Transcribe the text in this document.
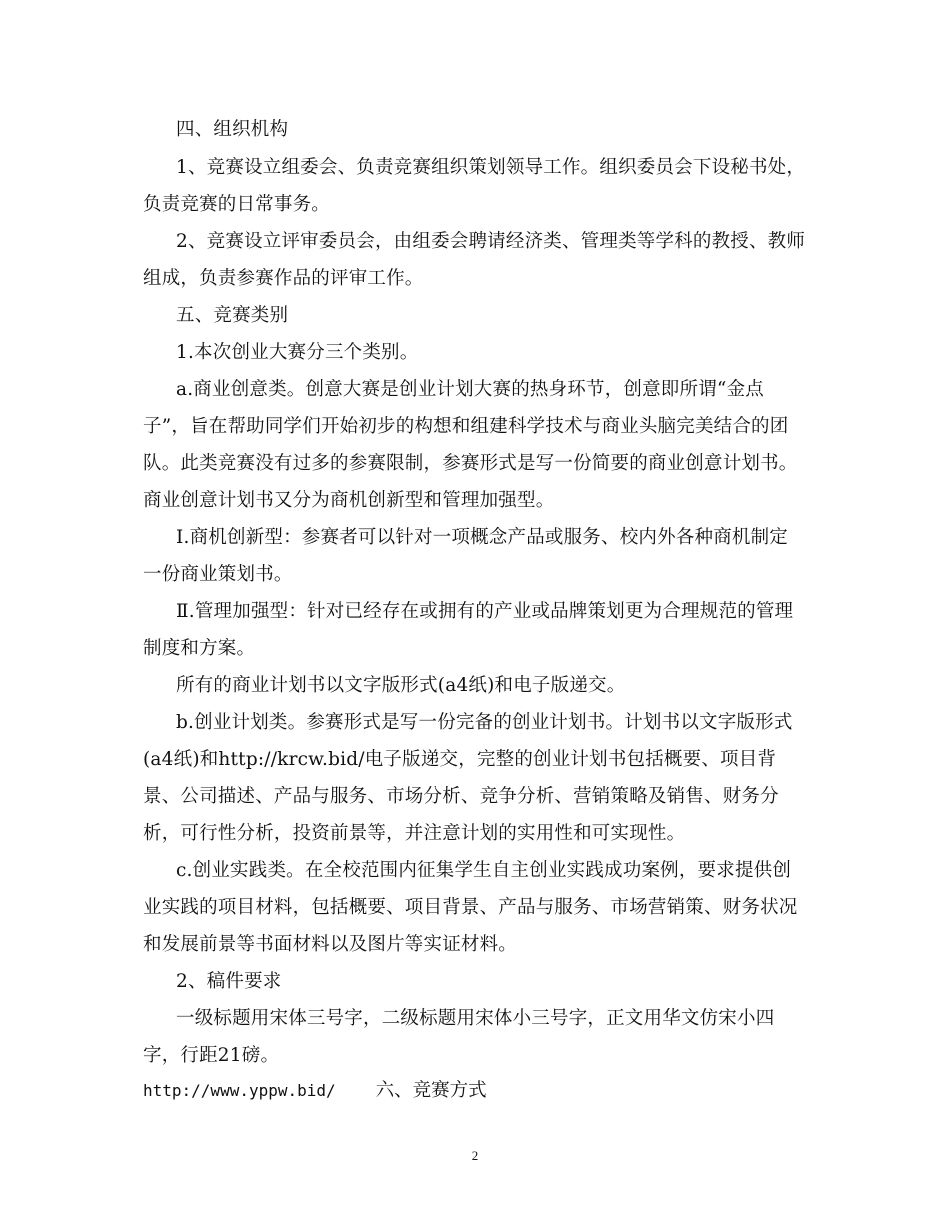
四、组织机构
1、竞赛设立组委会、负责竞赛组织策划领导工作。组织委员会下设秘书处，
负责竞赛的日常事务。
2、竞赛设立评审委员会，由组委会聘请经济类、管理类等学科的教授、教师
组成，负责参赛作品的评审工作。
五、竞赛类别
1.本次创业大赛分三个类别。
a.商业创意类。创意大赛是创业计划大赛的热身环节，创意即所谓“金点
子”，旨在帮助同学们开始初步的构想和组建科学技术与商业头脑完美结合的团
队。此类竞赛没有过多的参赛限制，参赛形式是写一份简要的商业创意计划书。
商业创意计划书又分为商机创新型和管理加强型。
Ⅰ.商机创新型：参赛者可以针对一项概念产品或服务、校内外各种商机制定
一份商业策划书。
Ⅱ.管理加强型：针对已经存在或拥有的产业或品牌策划更为合理规范的管理
制度和方案。
所有的商业计划书以文字版形式(a4纸)和电子版递交。
b.创业计划类。参赛形式是写一份完备的创业计划书。计划书以文字版形式
(a4纸)和http://krcw.bid/电子版递交，完整的创业计划书包括概要、项目背
景、公司描述、产品与服务、市场分析、竞争分析、营销策略及销售、财务分
析，可行性分析，投资前景等，并注意计划的实用性和可实现性。
c.创业实践类。在全校范围内征集学生自主创业实践成功案例，要求提供创
业实践的项目材料，包括概要、项目背景、产品与服务、市场营销策、财务状况
和发展前景等书面材料以及图片等实证材料。
2、稿件要求
一级标题用宋体三号字，二级标题用宋体小三号字，正文用华文仿宋小四
字，行距21磅。
http://www.yppw.bid/ 六、竞赛方式
2
